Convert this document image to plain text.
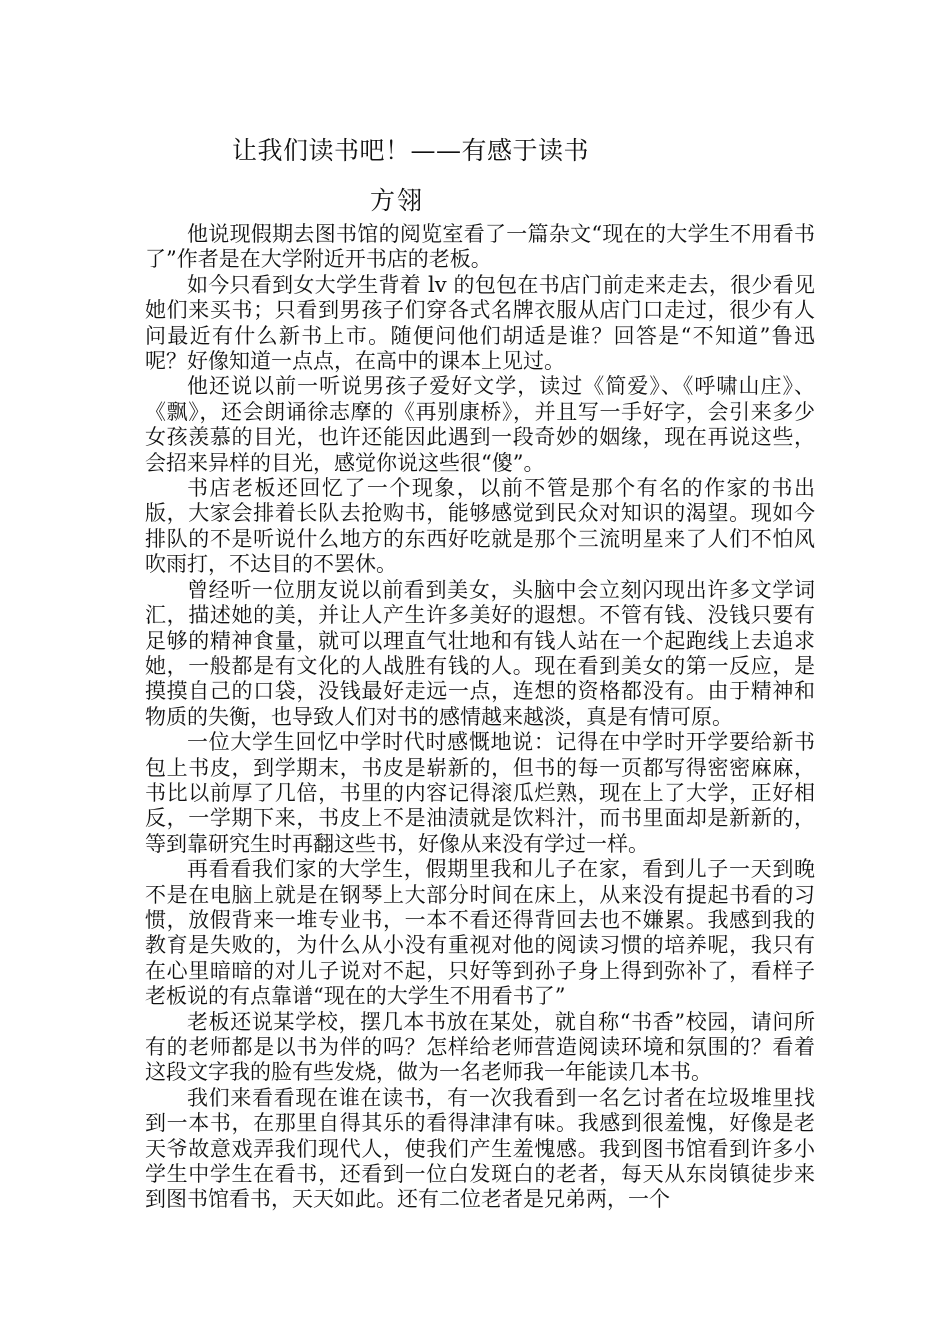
让我们读书吧！——有感于读书
方翎

他说现假期去图书馆的阅览室看了一篇杂文“现在的大学生不用看书了”作者是在大学附近开书店的老板。

如今只看到女大学生背着 lv 的包包在书店门前走来走去，很少看见她们来买书；只看到男孩子们穿各式名牌衣服从店门口走过，很少有人问最近有什么新书上市。随便问他们胡适是谁？回答是“不知道”鲁迅呢？好像知道一点点，在高中的课本上见过。

他还说以前一听说男孩子爱好文学，读过《简爱》、《呼啸山庄》、《飘》，还会朗诵徐志摩的《再别康桥》，并且写一手好字，会引来多少女孩羡慕的目光，也许还能因此遇到一段奇妙的姻缘，现在再说这些，会招来异样的目光，感觉你说这些很“傻”。

书店老板还回忆了一个现象，以前不管是那个有名的作家的书出版，大家会排着长队去抢购书，能够感觉到民众对知识的渴望。现如今排队的不是听说什么地方的东西好吃就是那个三流明星来了人们不怕风吹雨打，不达目的不罢休。

曾经听一位朋友说以前看到美女，头脑中会立刻闪现出许多文学词汇，描述她的美，并让人产生许多美好的遐想。不管有钱、没钱只要有足够的精神食量，就可以理直气壮地和有钱人站在一个起跑线上去追求她，一般都是有文化的人战胜有钱的人。现在看到美女的第一反应，是摸摸自己的口袋，没钱最好走远一点，连想的资格都没有。由于精神和物质的失衡，也导致人们对书的感情越来越淡，真是有情可原。

一位大学生回忆中学时代时感慨地说：记得在中学时开学要给新书包上书皮，到学期末，书皮是崭新的，但书的每一页都写得密密麻麻，书比以前厚了几倍，书里的内容记得滚瓜烂熟，现在上了大学，正好相反，一学期下来，书皮上不是油渍就是饮料汁，而书里面却是新新的，等到靠研究生时再翻这些书，好像从来没有学过一样。

再看看我们家的大学生，假期里我和儿子在家，看到儿子一天到晚不是在电脑上就是在钢琴上大部分时间在床上，从来没有提起书看的习惯，放假背来一堆专业书，一本不看还得背回去也不嫌累。我感到我的教育是失败的，为什么从小没有重视对他的阅读习惯的培养呢，我只有在心里暗暗的对儿子说对不起，只好等到孙子身上得到弥补了，看样子老板说的有点靠谱“现在的大学生不用看书了”

老板还说某学校，摆几本书放在某处，就自称“书香”校园，请问所有的老师都是以书为伴的吗？怎样给老师营造阅读环境和氛围的？看着这段文字我的脸有些发烧，做为一名老师我一年能读几本书。

我们来看看现在谁在读书，有一次我看到一名乞讨者在垃圾堆里找到一本书，在那里自得其乐的看得津津有味。我感到很羞愧，好像是老天爷故意戏弄我们现代人，使我们产生羞愧感。我到图书馆看到许多小学生中学生在看书，还看到一位白发斑白的老者，每天从东岗镇徒步来到图书馆看书，天天如此。还有二位老者是兄弟两，一个
